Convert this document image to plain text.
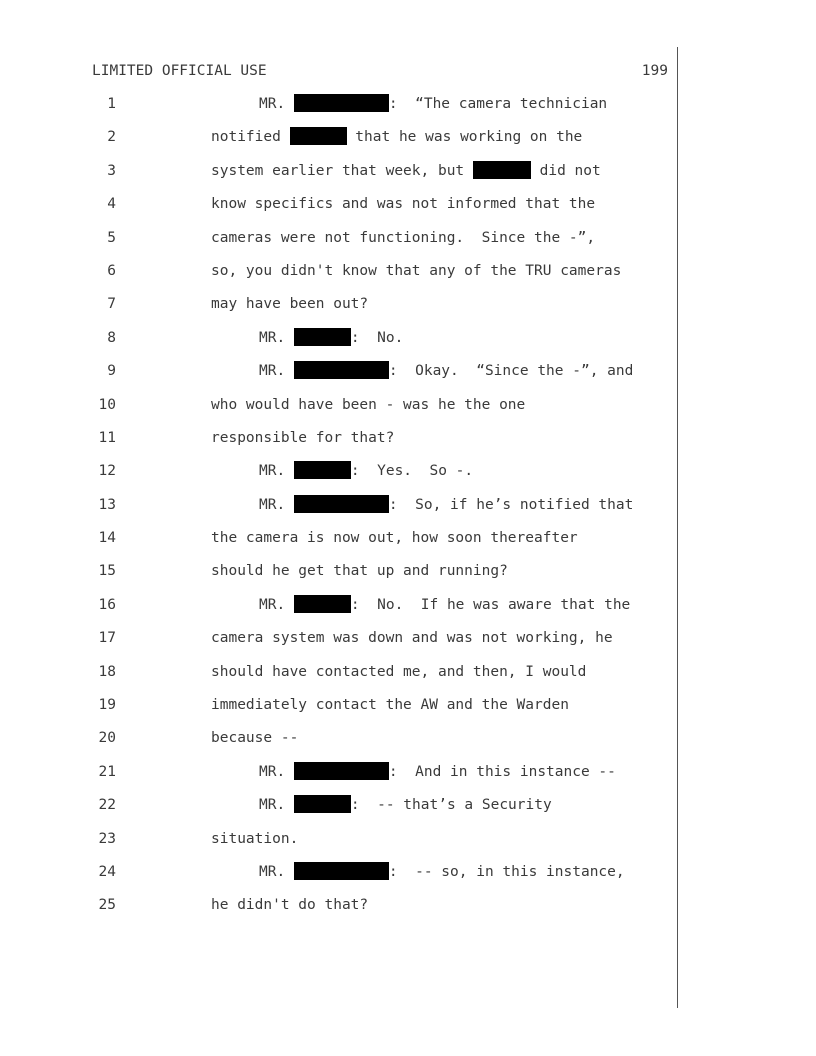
LIMITED OFFICIAL USE	199
1	MR.	:  “The camera technician
2	notified	that he was working on the
3	system earlier that week, but	did not
4	know specifics and was not informed that the
5	cameras were not functioning.  Since the -”,
6	so, you didn't know that any of the TRU cameras
7	may have been out?
8	MR.	:  No.
9	MR.	:  Okay.  “Since the -”, and
10	who would have been - was he the one
11	responsible for that?
12	MR.	:  Yes.  So -.
13	MR.	:  So, if he’s notified that
14	the camera is now out, how soon thereafter
15	should he get that up and running?
16	MR.	:  No.  If he was aware that the
17	camera system was down and was not working, he
18	should have contacted me, and then, I would
19	immediately contact the AW and the Warden
20	because --
21	MR.	:  And in this instance --
22	MR.	:  -- that’s a Security
23	situation.
24	MR.	:  -- so, in this instance,
25	he didn't do that?
